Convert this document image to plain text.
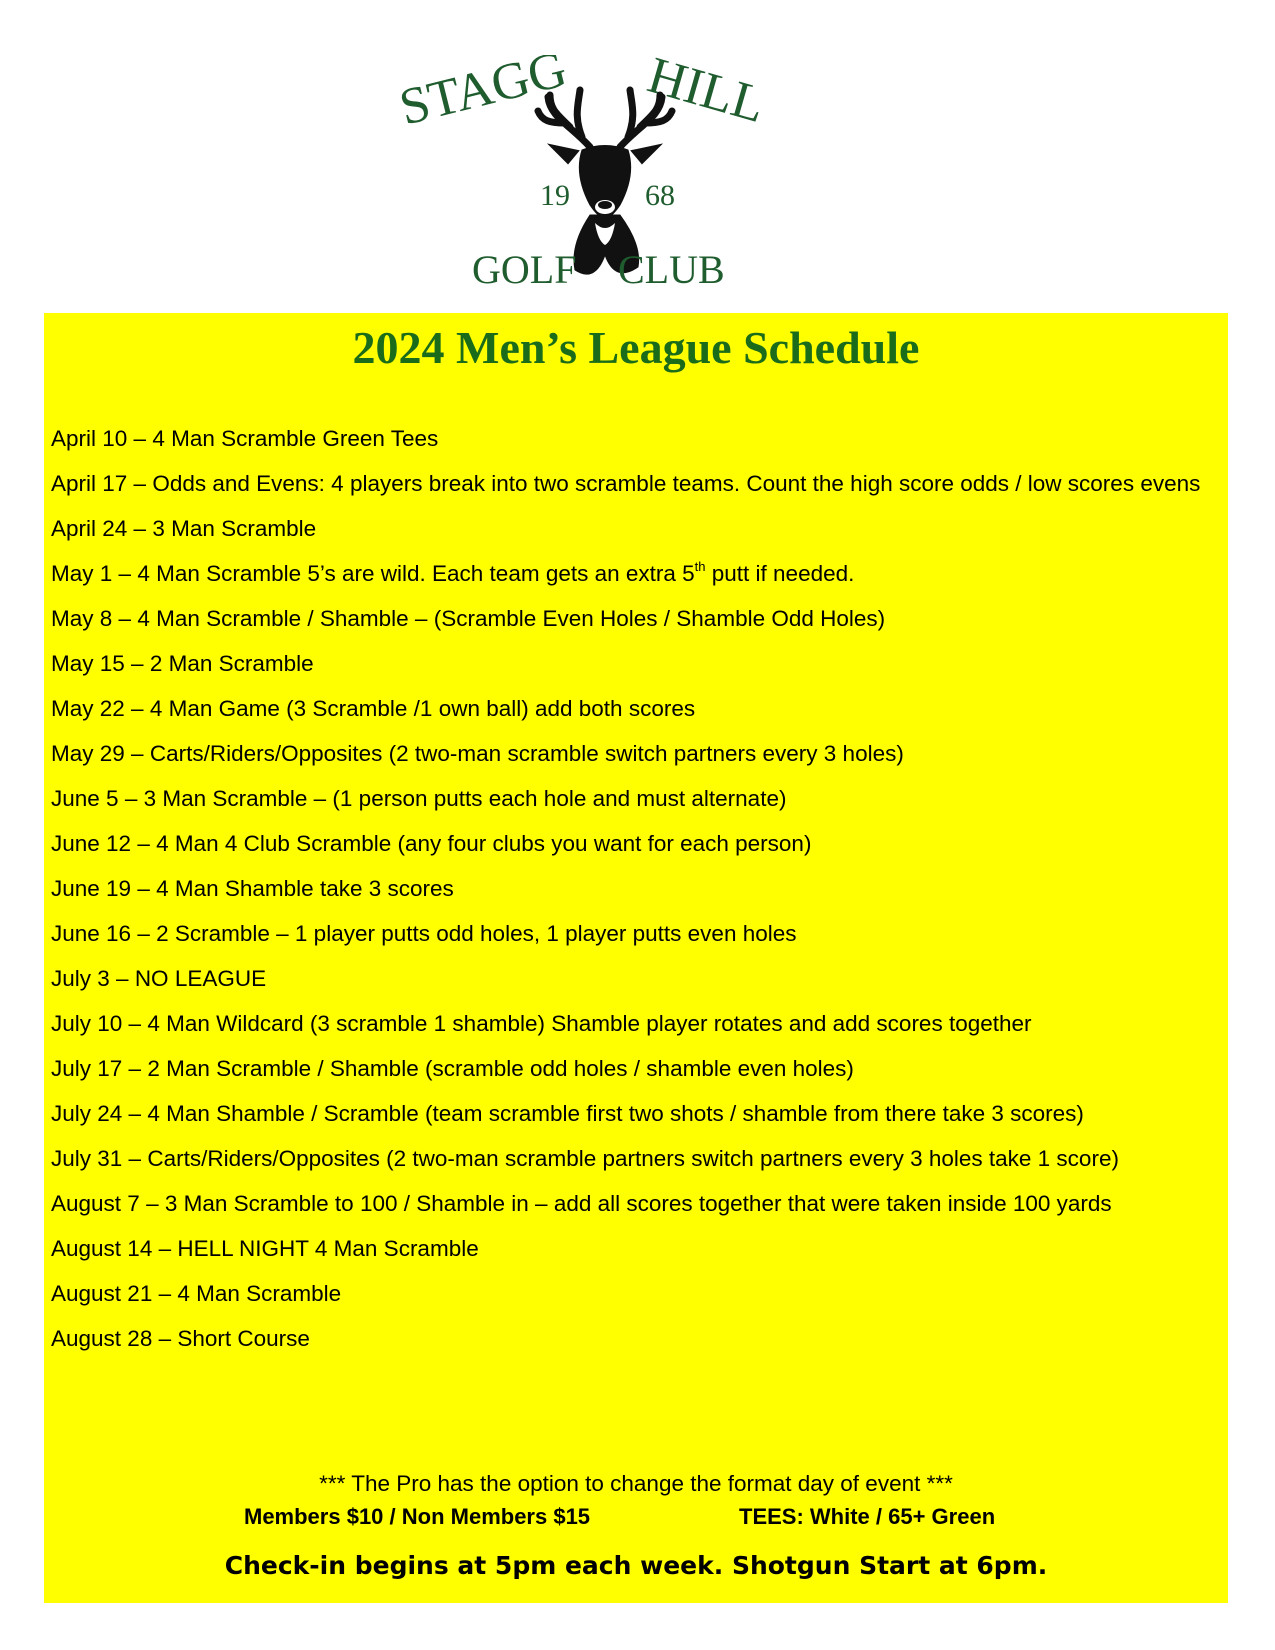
STAGG HILL
19	68
GOLF CLUB
2024 Men’s League Schedule
April 10 – 4 Man Scramble Green Tees
April 17 – Odds and Evens: 4 players break into two scramble teams. Count the high score odds / low scores evens
April 24 – 3 Man Scramble
May 1 – 4 Man Scramble 5’s are wild. Each team gets an extra 5th putt if needed.
May 8 – 4 Man Scramble / Shamble – (Scramble Even Holes / Shamble Odd Holes)
May 15 – 2 Man Scramble
May 22 – 4 Man Game (3 Scramble /1 own ball) add both scores
May 29 – Carts/Riders/Opposites (2 two-man scramble switch partners every 3 holes)
June 5 – 3 Man Scramble – (1 person putts each hole and must alternate)
June 12 – 4 Man 4 Club Scramble (any four clubs you want for each person)
June 19 – 4 Man Shamble take 3 scores
June 16 – 2 Scramble – 1 player putts odd holes, 1 player putts even holes
July 3 – NO LEAGUE
July 10 – 4 Man Wildcard (3 scramble 1 shamble) Shamble player rotates and add scores together
July 17 – 2 Man Scramble / Shamble (scramble odd holes / shamble even holes)
July 24 – 4 Man Shamble / Scramble (team scramble first two shots / shamble from there take 3 scores)
July 31 – Carts/Riders/Opposites (2 two-man scramble partners switch partners every 3 holes take 1 score)
August 7 – 3 Man Scramble to 100 / Shamble in – add all scores together that were taken inside 100 yards
August 14 – HELL NIGHT 4 Man Scramble
August 21 – 4 Man Scramble
August 28 – Short Course
*** The Pro has the option to change the format day of event ***
Members $10 / Non Members $15	TEES: White / 65+ Green
Check-in begins at 5pm each week. Shotgun Start at 6pm.
